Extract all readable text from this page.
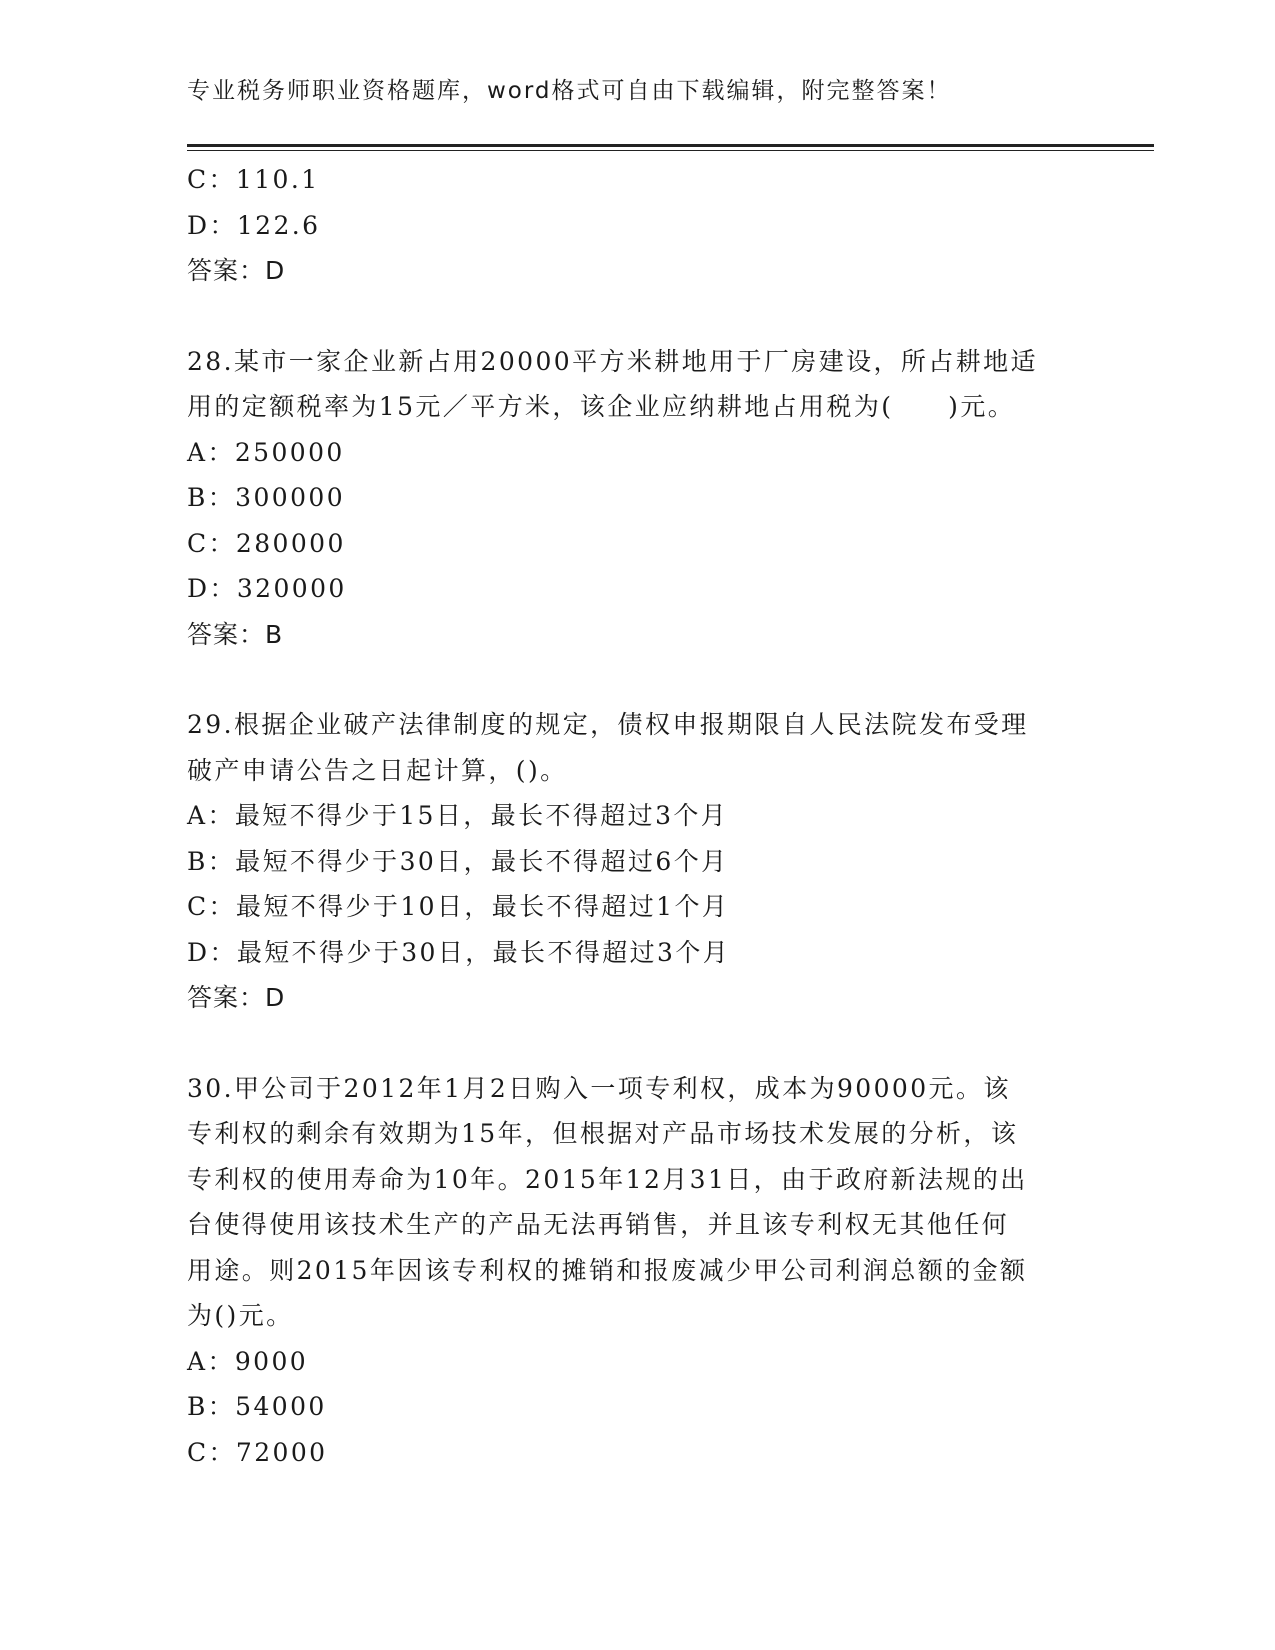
专业税务师职业资格题库，word格式可自由下载编辑，附完整答案！
C：110.1
D：122.6
答案：D
28.某市一家企业新占用20000平方米耕地用于厂房建设，所占耕地适
用的定额税率为15元／平方米，该企业应纳耕地占用税为(　　)元。
A：250000
B：300000
C：280000
D：320000
答案：B
29.根据企业破产法律制度的规定，债权申报期限自人民法院发布受理
破产申请公告之日起计算，()。
A：最短不得少于15日，最长不得超过3个月
B：最短不得少于30日，最长不得超过6个月
C：最短不得少于10日，最长不得超过1个月
D：最短不得少于30日，最长不得超过3个月
答案：D
30.甲公司于2012年1月2日购入一项专利权，成本为90000元。该
专利权的剩余有效期为15年，但根据对产品市场技术发展的分析，该
专利权的使用寿命为10年。2015年12月31日，由于政府新法规的出
台使得使用该技术生产的产品无法再销售，并且该专利权无其他任何
用途。则2015年因该专利权的摊销和报废减少甲公司利润总额的金额
为()元。
A：9000
B：54000
C：72000
